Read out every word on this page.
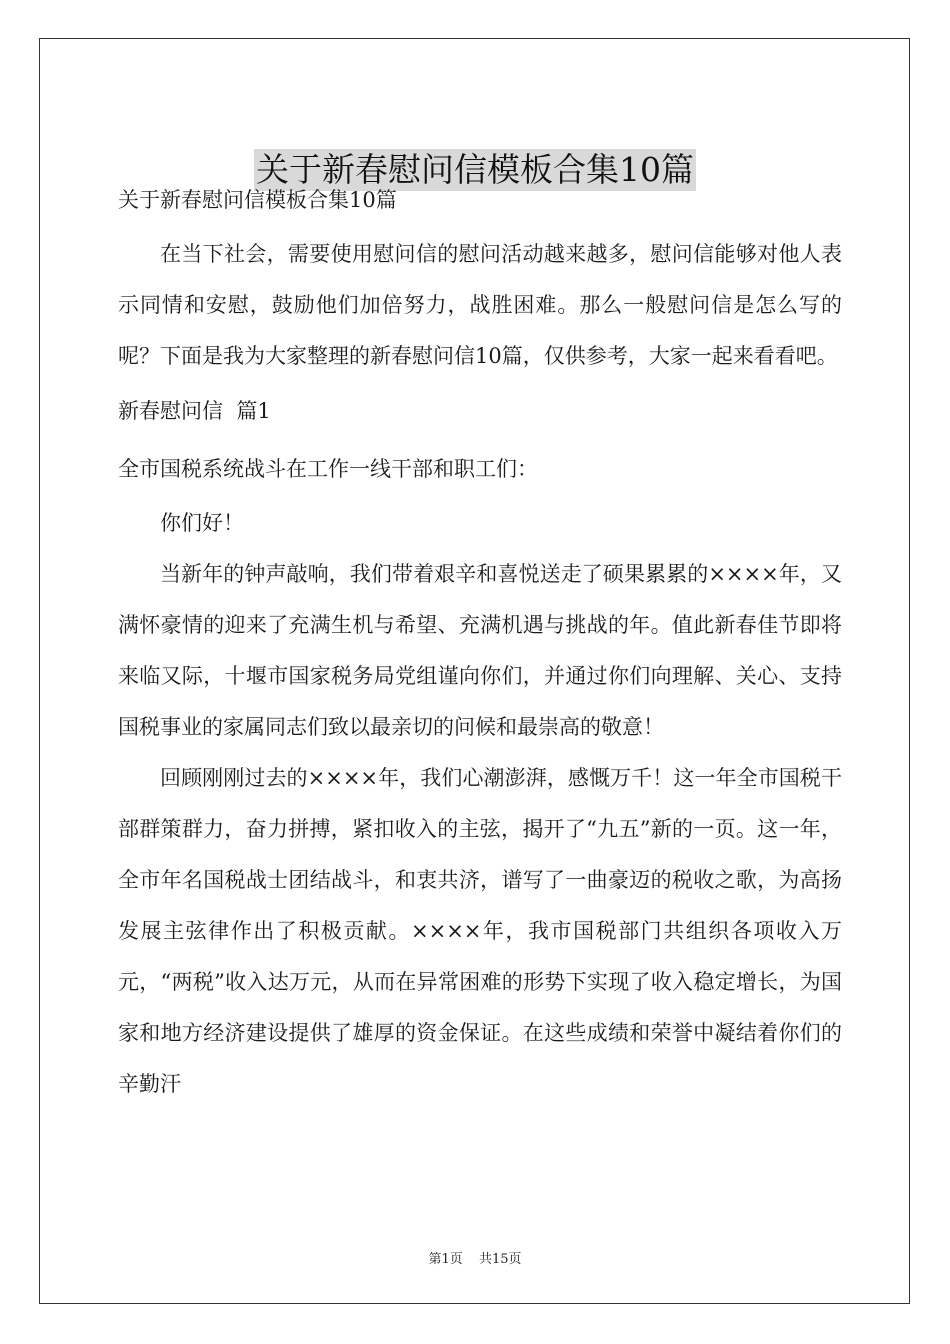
关于新春慰问信模板合集10篇

关于新春慰问信模板合集10篇

在当下社会，需要使用慰问信的慰问活动越来越多，慰问信能够对他人表示同情和安慰，鼓励他们加倍努力，战胜困难。那么一般慰问信是怎么写的呢？下面是我为大家整理的新春慰问信10篇，仅供参考，大家一起来看看吧。

新春慰问信  篇1

全市国税系统战斗在工作一线干部和职工们：

你们好！

当新年的钟声敲响，我们带着艰辛和喜悦送走了硕果累累的××××年，又满怀豪情的迎来了充满生机与希望、充满机遇与挑战的年。值此新春佳节即将来临又际，十堰市国家税务局党组谨向你们，并通过你们向理解、关心、支持国税事业的家属同志们致以最亲切的问候和最崇高的敬意！

回顾刚刚过去的××××年，我们心潮澎湃，感慨万千！这一年全市国税干部群策群力，奋力拼搏，紧扣收入的主弦，揭开了“九五”新的一页。这一年，全市年名国税战士团结战斗，和衷共济，谱写了一曲豪迈的税收之歌，为高扬发展主弦律作出了积极贡献。××××年，我市国税部门共组织各项收入万元，“两税”收入达万元，从而在异常困难的形势下实现了收入稳定增长，为国家和地方经济建设提供了雄厚的资金保证。在这些成绩和荣誉中凝结着你们的辛勤汗

第1页 共15页
